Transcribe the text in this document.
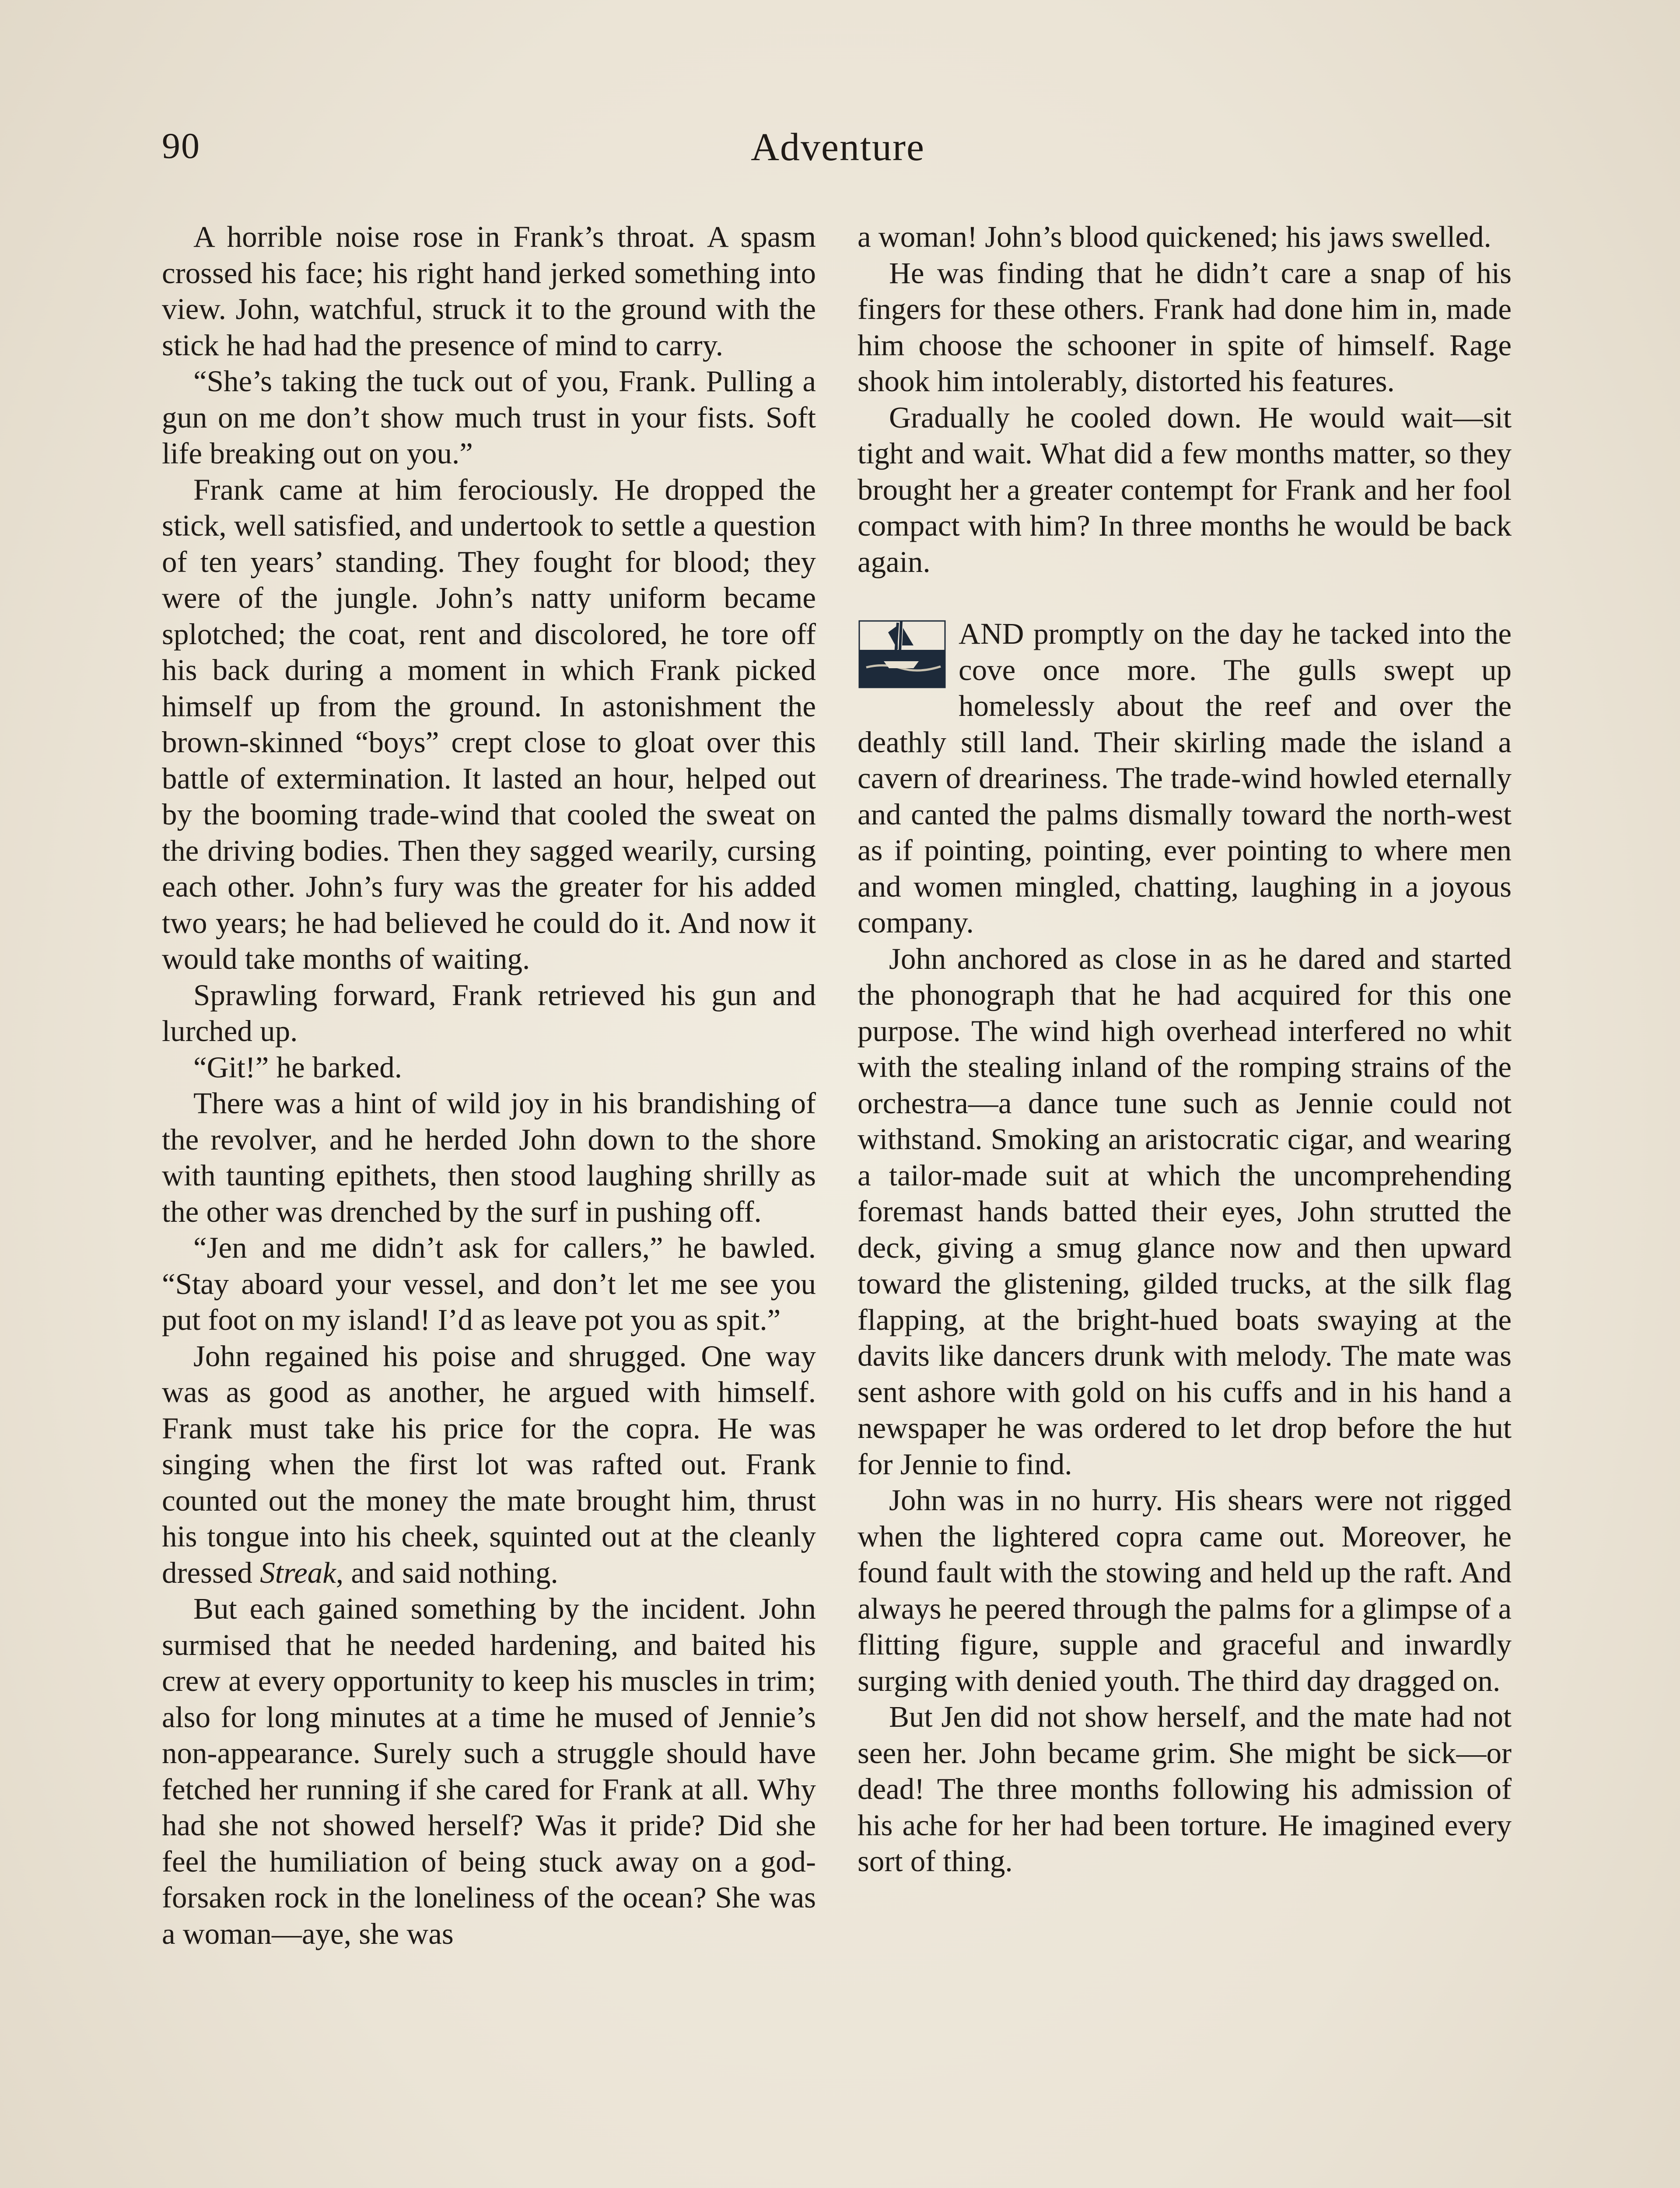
90	Adventure

A horrible noise rose in Frank’s throat. A spasm crossed his face; his right hand jerked something into view. John, watchful, struck it to the ground with the stick he had had the presence of mind to carry.

“She’s taking the tuck out of you, Frank. Pulling a gun on me don’t show much trust in your fists. Soft life breaking out on you.”

Frank came at him ferociously. He dropped the stick, well satisfied, and undertook to settle a question of ten years’ standing. They fought for blood; they were of the jungle. John’s natty uniform became splotched; the coat, rent and discolored, he tore off his back during a moment in which Frank picked himself up from the ground. In astonishment the brown-skinned “boys” crept close to gloat over this battle of extermination. It lasted an hour, helped out by the booming trade-wind that cooled the sweat on the driving bodies. Then they sagged wearily, cursing each other. John’s fury was the greater for his added two years; he had believed he could do it. And now it would take months of waiting.

Sprawling forward, Frank retrieved his gun and lurched up.

“Git!” he barked.

There was a hint of wild joy in his brandishing of the revolver, and he herded John down to the shore with taunting epithets, then stood laughing shrilly as the other was drenched by the surf in pushing off.

“Jen and me didn’t ask for callers,” he bawled. “Stay aboard your vessel, and don’t let me see you put foot on my island! I’d as leave pot you as spit.”

John regained his poise and shrugged. One way was as good as another, he argued with himself. Frank must take his price for the copra. He was singing when the first lot was rafted out. Frank counted out the money the mate brought him, thrust his tongue into his cheek, squinted out at the cleanly dressed Streak, and said nothing.

But each gained something by the incident. John surmised that he needed hardening, and baited his crew at every opportunity to keep his muscles in trim; also for long minutes at a time he mused of Jennie’s non-appearance. Surely such a struggle should have fetched her running if she cared for Frank at all. Why had she not showed herself? Was it pride? Did she feel the humiliation of being stuck away on a god-forsaken rock in the loneliness of the ocean? She was a woman—aye, she was

a woman! John’s blood quickened; his jaws swelled.

He was finding that he didn’t care a snap of his fingers for these others. Frank had done him in, made him choose the schooner in spite of himself. Rage shook him intolerably, distorted his features.

Gradually he cooled down. He would wait—sit tight and wait. What did a few months matter, so they brought her a greater contempt for Frank and her fool compact with him? In three months he would be back again.

AND promptly on the day he tacked into the cove once more. The gulls swept up homelessly about the reef and over the deathly still land. Their skirling made the island a cavern of dreariness. The trade-wind howled eternally and canted the palms dismally toward the north-west as if pointing, pointing, ever pointing to where men and women mingled, chatting, laughing in a joyous company.

John anchored as close in as he dared and started the phonograph that he had acquired for this one purpose. The wind high overhead interfered no whit with the stealing inland of the romping strains of the orchestra—a dance tune such as Jennie could not withstand. Smoking an aristocratic cigar, and wearing a tailor-made suit at which the uncomprehending foremast hands batted their eyes, John strutted the deck, giving a smug glance now and then upward toward the glistening, gilded trucks, at the silk flag flapping, at the bright-hued boats swaying at the davits like dancers drunk with melody. The mate was sent ashore with gold on his cuffs and in his hand a newspaper he was ordered to let drop before the hut for Jennie to find.

John was in no hurry. His shears were not rigged when the lightered copra came out. Moreover, he found fault with the stowing and held up the raft. And always he peered through the palms for a glimpse of a flitting figure, supple and graceful and inwardly surging with denied youth. The third day dragged on.

But Jen did not show herself, and the mate had not seen her. John became grim. She might be sick—or dead! The three months following his admission of his ache for her had been torture. He imagined every sort of thing.
